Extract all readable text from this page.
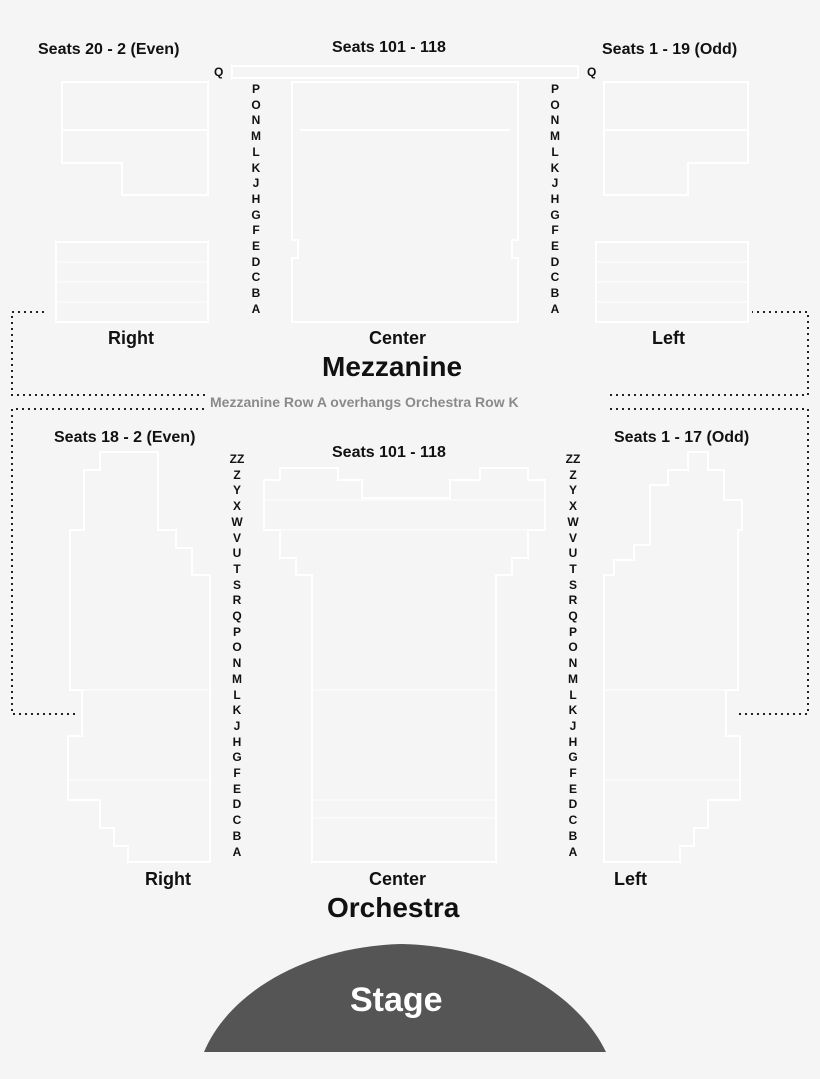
Seats 20 - 2 (Even)	Seats 101 - 118	Seats 1 - 19 (Odd)
Q	Q
P
O
N
M
L
K
J
H
G
F
E
D
C
B
A
P
O
N
M
L
K
J
H
G
F
E
D
C
B
A
Right	Center	Left
Mezzanine
Mezzanine Row A overhangs Orchestra Row K
Seats 18 - 2 (Even)
Seats 101 - 118
Seats 1 - 17 (Odd)
ZZ
Z
Y
X
W
V
U
T
S
R
Q
P
O
N
M
L
K
J
H
G
F
E
D
C
B
A
ZZ
Z
Y
X
W
V
U
T
S
R
Q
P
O
N
M
L
K
J
H
G
F
E
D
C
B
A
Right	Center	Left
Orchestra
Stage
